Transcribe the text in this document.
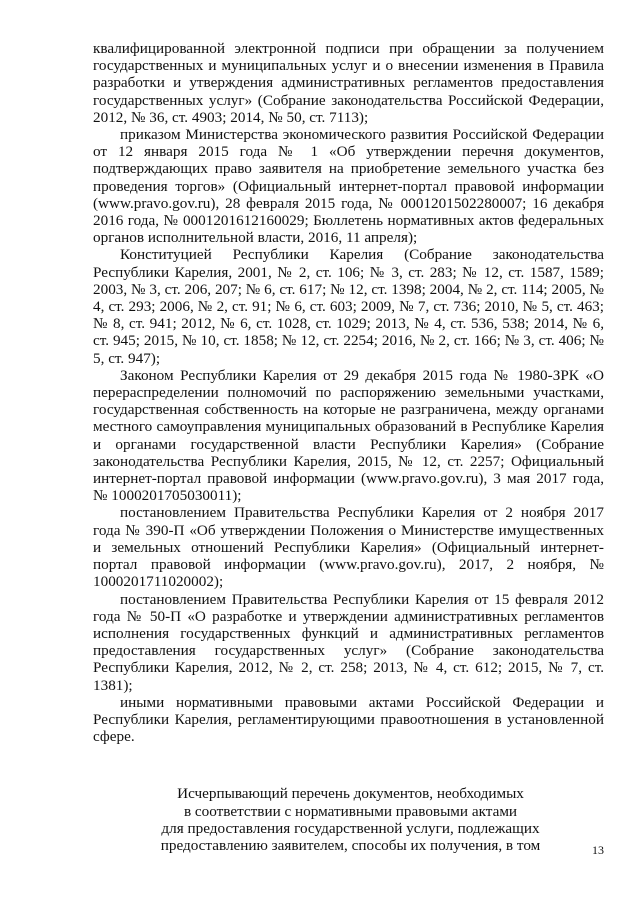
квалифицированной электронной подписи при обращении за получением государственных и муниципальных услуг и о внесении изменения в Правила разработки и утверждения административных регламентов предоставления государственных услуг» (Собрание законодательства Российской Федерации, 2012, № 36, ст. 4903; 2014, № 50, ст. 7113);

приказом Министерства экономического развития Российской Федерации от 12 января 2015 года № 1 «Об утверждении перечня документов, подтверждающих право заявителя на приобретение земельного участка без проведения торгов» (Официальный интернет-портал правовой информации (www.pravo.gov.ru), 28 февраля 2015 года, № 0001201502280007; 16 декабря 2016 года, № 0001201612160029; Бюллетень нормативных актов федеральных органов исполнительной власти, 2016, 11 апреля);

Конституцией Республики Карелия (Собрание законодательства Республики Карелия, 2001, № 2, ст. 106; № 3, ст. 283; № 12, ст. 1587, 1589; 2003, № 3, ст. 206, 207; № 6, ст. 617; № 12, ст. 1398; 2004, № 2, ст. 114; 2005, № 4, ст. 293; 2006, № 2, ст. 91; № 6, ст. 603; 2009, № 7, ст. 736; 2010, № 5, ст. 463; № 8, ст. 941; 2012, № 6, ст. 1028, ст. 1029; 2013, № 4, ст. 536, 538; 2014, № 6, ст. 945; 2015, № 10, ст. 1858; № 12, ст. 2254; 2016, № 2, ст. 166; № 3, ст. 406; № 5, ст. 947);

Законом Республики Карелия от 29 декабря 2015 года № 1980-ЗРК «О перераспределении полномочий по распоряжению земельными участками, государственная собственность на которые не разграничена, между органами местного самоуправления муниципальных образований в Республике Карелия и органами государственной власти Республики Карелия» (Собрание законодательства Республики Карелия, 2015, № 12, ст. 2257; Официальный интернет-портал правовой информации (www.pravo.gov.ru), 3 мая 2017 года, № 1000201705030011);

постановлением Правительства Республики Карелия от 2 ноября 2017 года № 390-П «Об утверждении Положения о Министерстве имущественных и земельных отношений Республики Карелия» (Официальный интернет-портал правовой информации (www.pravo.gov.ru), 2017, 2 ноября, № 1000201711020002);

постановлением Правительства Республики Карелия от 15 февраля 2012 года № 50-П «О разработке и утверждении административных регламентов исполнения государственных функций и административных регламентов предоставления государственных услуг» (Собрание законодательства Республики Карелия, 2012, № 2, ст. 258; 2013, № 4, ст. 612; 2015, № 7, ст. 1381);

иными нормативными правовыми актами Российской Федерации и Республики Карелия, регламентирующими правоотношения в установленной сфере.

Исчерпывающий перечень документов, необходимых
в соответствии с нормативными правовыми актами
для предоставления государственной услуги, подлежащих
предоставлению заявителем, способы их получения, в том	13
